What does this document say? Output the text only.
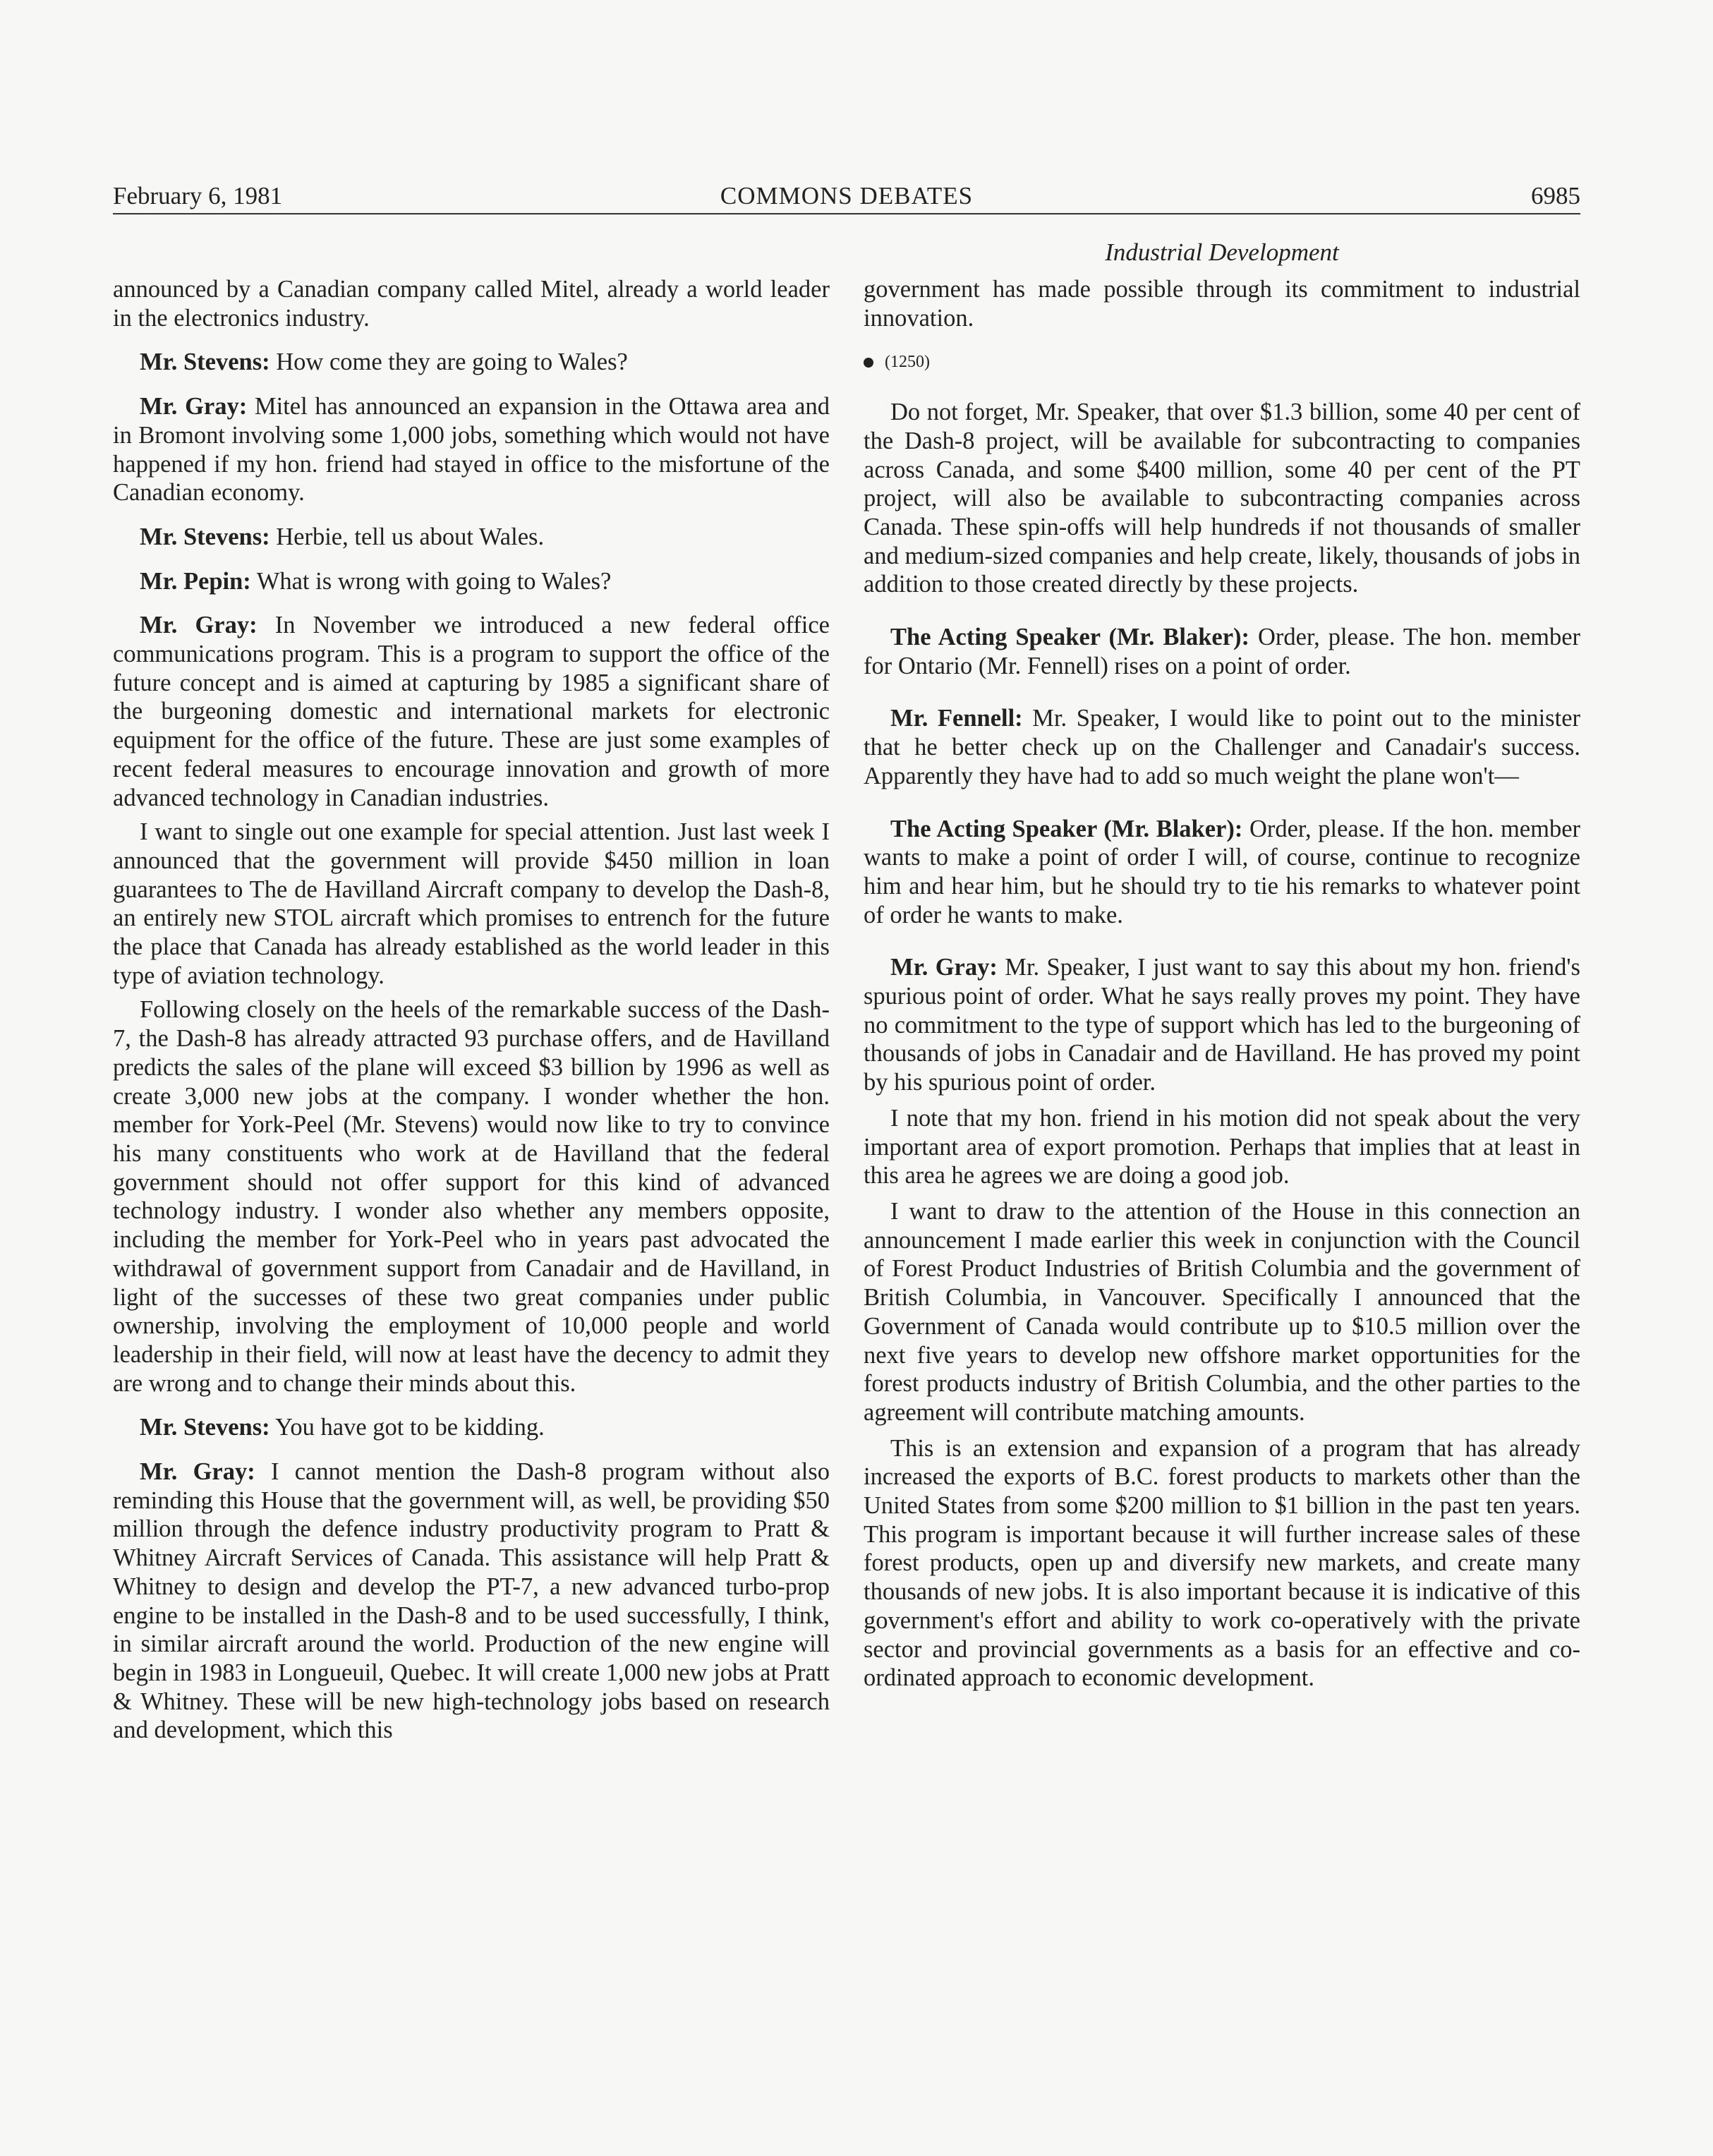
February 6, 1981	COMMONS DEBATES	6985
Industrial Development

announced by a Canadian company called Mitel, already a world leader in the electronics industry.

Mr. Stevens: How come they are going to Wales?

Mr. Gray: Mitel has announced an expansion in the Ottawa area and in Bromont involving some 1,000 jobs, something which would not have happened if my hon. friend had stayed in office to the misfortune of the Canadian economy.

Mr. Stevens: Herbie, tell us about Wales.

Mr. Pepin: What is wrong with going to Wales?

Mr. Gray: In November we introduced a new federal office communications program. This is a program to support the office of the future concept and is aimed at capturing by 1985 a significant share of the burgeoning domestic and international markets for electronic equipment for the office of the future. These are just some examples of recent federal measures to encourage innovation and growth of more advanced technology in Canadian industries.

I want to single out one example for special attention. Just last week I announced that the government will provide $450 million in loan guarantees to The de Havilland Aircraft company to develop the Dash-8, an entirely new STOL aircraft which promises to entrench for the future the place that Canada has already established as the world leader in this type of aviation technology.

Following closely on the heels of the remarkable success of the Dash-7, the Dash-8 has already attracted 93 purchase offers, and de Havilland predicts the sales of the plane will exceed $3 billion by 1996 as well as create 3,000 new jobs at the company. I wonder whether the hon. member for York-Peel (Mr. Stevens) would now like to try to convince his many constituents who work at de Havilland that the federal government should not offer support for this kind of advanced technology industry. I wonder also whether any members opposite, including the member for York-Peel who in years past advocated the withdrawal of government support from Canadair and de Havilland, in light of the successes of these two great companies under public ownership, involving the employment of 10,000 people and world leadership in their field, will now at least have the decency to admit they are wrong and to change their minds about this.

Mr. Stevens: You have got to be kidding.

Mr. Gray: I cannot mention the Dash-8 program without also reminding this House that the government will, as well, be providing $50 million through the defence industry productivity program to Pratt & Whitney Aircraft Services of Canada. This assistance will help Pratt & Whitney to design and develop the PT-7, a new advanced turbo-prop engine to be installed in the Dash-8 and to be used successfully, I think, in similar aircraft around the world. Production of the new engine will begin in 1983 in Longueuil, Quebec. It will create 1,000 new jobs at Pratt & Whitney. These will be new high-technology jobs based on research and development, which this

government has made possible through its commitment to industrial innovation.

(1250)

Do not forget, Mr. Speaker, that over $1.3 billion, some 40 per cent of the Dash-8 project, will be available for subcontracting to companies across Canada, and some $400 million, some 40 per cent of the PT project, will also be available to subcontracting companies across Canada. These spin-offs will help hundreds if not thousands of smaller and medium-sized companies and help create, likely, thousands of jobs in addition to those created directly by these projects.

The Acting Speaker (Mr. Blaker): Order, please. The hon. member for Ontario (Mr. Fennell) rises on a point of order.

Mr. Fennell: Mr. Speaker, I would like to point out to the minister that he better check up on the Challenger and Canadair's success. Apparently they have had to add so much weight the plane won't—

The Acting Speaker (Mr. Blaker): Order, please. If the hon. member wants to make a point of order I will, of course, continue to recognize him and hear him, but he should try to tie his remarks to whatever point of order he wants to make.

Mr. Gray: Mr. Speaker, I just want to say this about my hon. friend's spurious point of order. What he says really proves my point. They have no commitment to the type of support which has led to the burgeoning of thousands of jobs in Canadair and de Havilland. He has proved my point by his spurious point of order.

I note that my hon. friend in his motion did not speak about the very important area of export promotion. Perhaps that implies that at least in this area he agrees we are doing a good job.

I want to draw to the attention of the House in this connection an announcement I made earlier this week in conjunction with the Council of Forest Product Industries of British Columbia and the government of British Columbia, in Vancouver. Specifically I announced that the Government of Canada would contribute up to $10.5 million over the next five years to develop new offshore market opportunities for the forest products industry of British Columbia, and the other parties to the agreement will contribute matching amounts.

This is an extension and expansion of a program that has already increased the exports of B.C. forest products to markets other than the United States from some $200 million to $1 billion in the past ten years. This program is important because it will further increase sales of these forest products, open up and diversify new markets, and create many thousands of new jobs. It is also important because it is indicative of this government's effort and ability to work co-operatively with the private sector and provincial governments as a basis for an effective and co-ordinated approach to economic development.
